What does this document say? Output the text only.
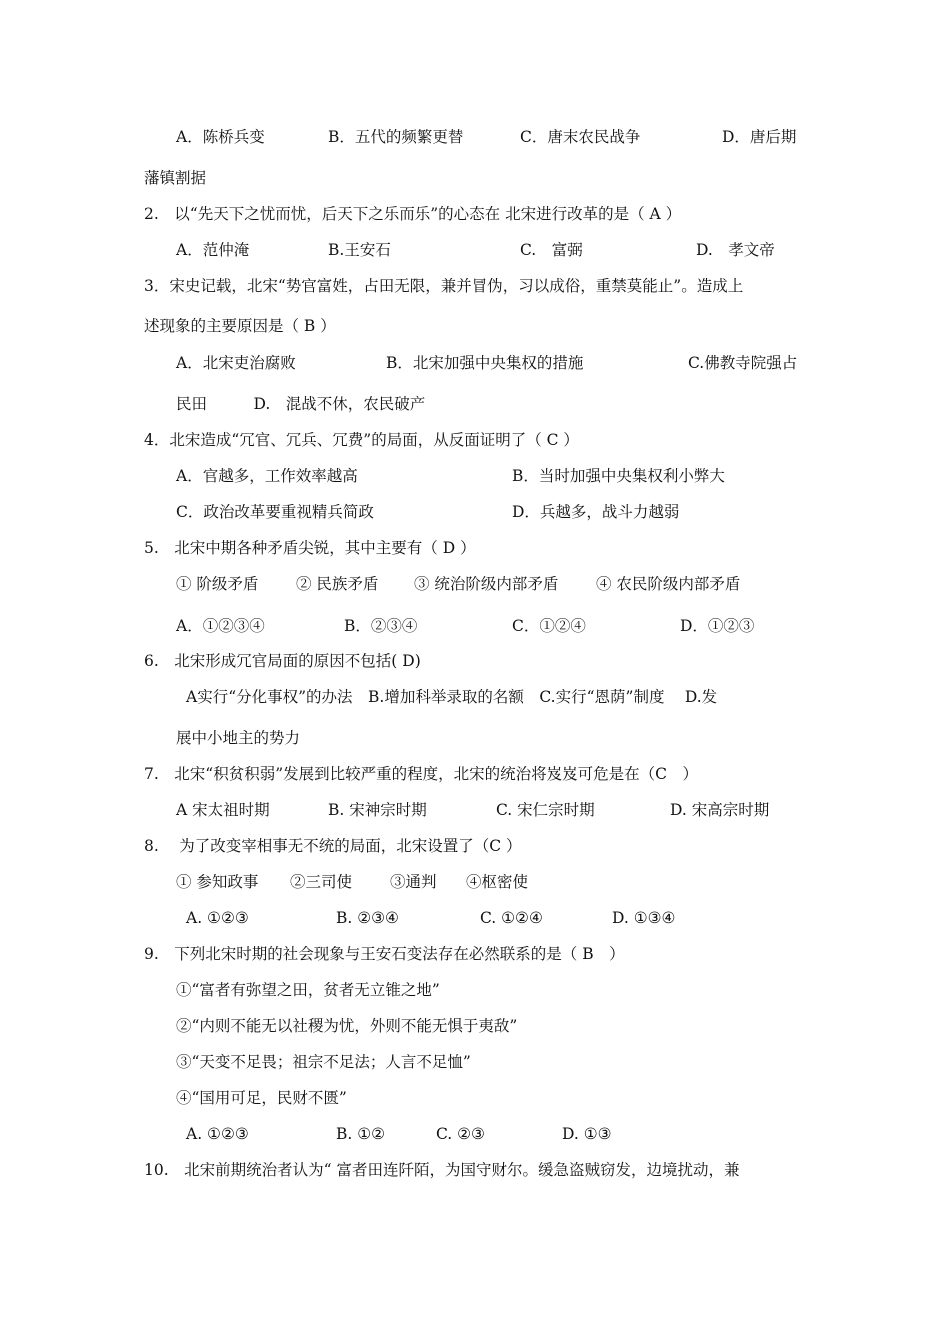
A．陈桥兵变	B．五代的频繁更替	C．唐末农民战争	D．唐后期
藩镇割据
2.　以“先天下之忧而忧，后天下之乐而乐”的心态在 北宋进行改革的是（ A ）
A．范仲淹	B.王安石	C.　富弼	D.　孝文帝
3．宋史记载，北宋“势官富姓，占田无限，兼并冒伪，习以成俗，重禁莫能止”。造成上
述现象的主要原因是（ B ）
A．北宋吏治腐败	B．北宋加强中央集权的措施	C.佛教寺院强占
民田　　　D.　混战不休，农民破产
4．北宋造成“冗官、冗兵、冗费”的局面，从反面证明了（ C ）
A．官越多，工作效率越高	B．当时加强中央集权利小弊大
C．政治改革要重视精兵简政	D．兵越多，战斗力越弱
5.　北宋中期各种矛盾尖锐，其中主要有（ D ）
① 阶级矛盾 ② 民族矛盾 ③ 统治阶级内部矛盾 ④ 农民阶级内部矛盾
A．①②③④	B．②③④	C．①②④	D．①②③
6.　北宋形成冗官局面的原因不包括( D)
A实行“分化事权”的办法　B.增加科举录取的名额　C.实行“恩荫”制度　 D.发
展中小地主的势力
7.　北宋“积贫积弱”发展到比较严重的程度，北宋的统治将岌岌可危是在（C　）
A 宋太祖时期	B. 宋神宗时期	C. 宋仁宗时期	D. 宋高宗时期
8.　 为了改变宰相事无不统的局面，北宋设置了（C ）
① 参知政事 ②三司使 ③通判 ④枢密使
A. ①②③	B. ②③④	C. ①②④	D. ①③④
9.　下列北宋时期的社会现象与王安石变法存在必然联系的是（ B　）
①“富者有弥望之田，贫者无立锥之地”
②“内则不能无以社稷为忧，外则不能无惧于夷敌”
③“天变不足畏；祖宗不足法；人言不足恤”
④“国用可足，民财不匮”
A. ①②③	B. ①②	C. ②③	D. ①③
10.　北宋前期统治者认为“ 富者田连阡陌，为国守财尔。缓急盗贼窃发，边境扰动，兼
